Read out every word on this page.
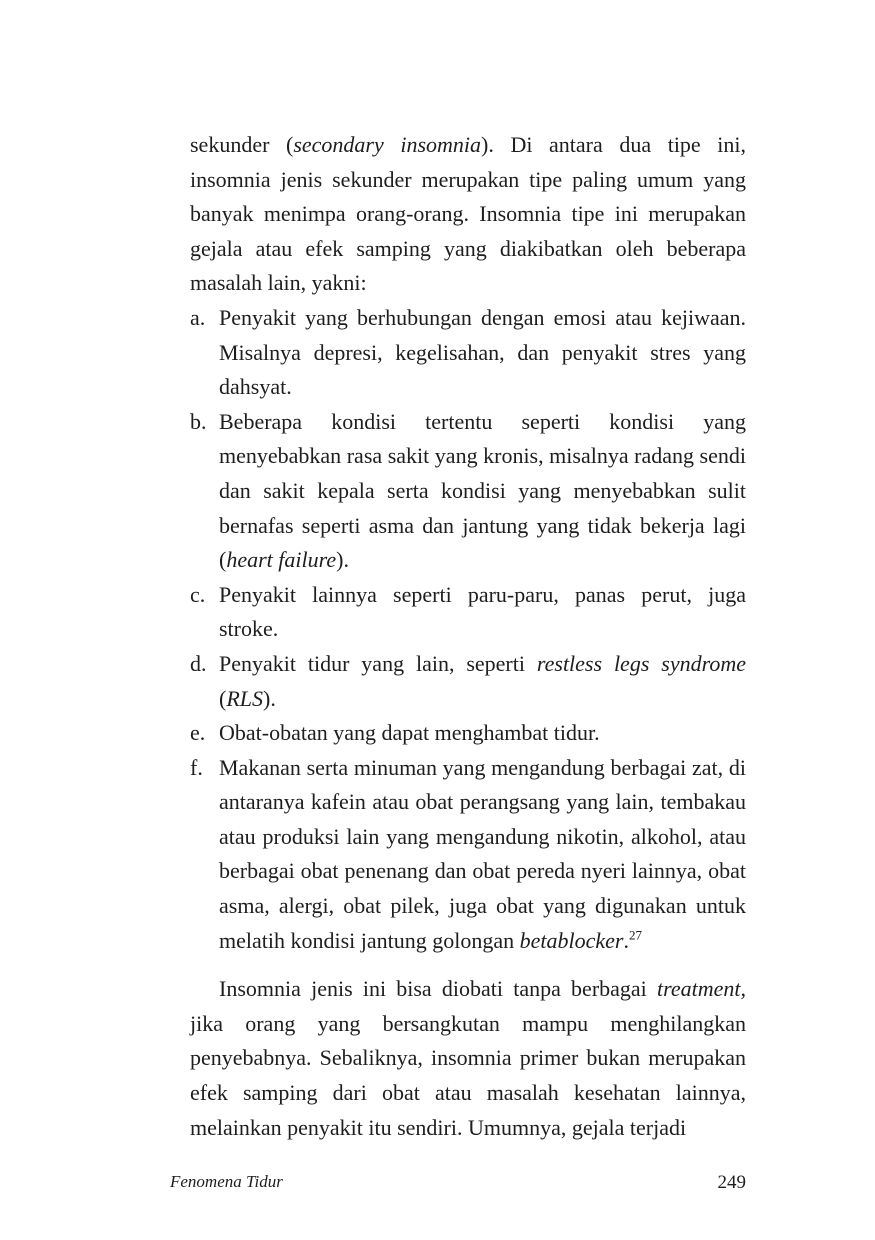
sekunder (secondary insomnia). Di antara dua tipe ini, insomnia jenis sekunder merupakan tipe paling umum yang banyak menimpa orang-orang. Insomnia tipe ini merupakan gejala atau efek samping yang diakibatkan oleh beberapa masalah lain, yakni:

a. Penyakit yang berhubungan dengan emosi atau kejiwaan. Misalnya depresi, kegelisahan, dan penyakit stres yang dahsyat.
b. Beberapa kondisi tertentu seperti kondisi yang menyebabkan rasa sakit yang kronis, misalnya radang sendi dan sakit kepala serta kondisi yang menyebabkan sulit bernafas seperti asma dan jantung yang tidak bekerja lagi (heart failure).
c. Penyakit lainnya seperti paru-paru, panas perut, juga stroke.
d. Penyakit tidur yang lain, seperti restless legs syndrome (RLS).
e. Obat-obatan yang dapat menghambat tidur.
f. Makanan serta minuman yang mengandung berbagai zat, di antaranya kafein atau obat perangsang yang lain, tembakau atau produksi lain yang mengandung nikotin, alkohol, atau berbagai obat penenang dan obat pereda nyeri lainnya, obat asma, alergi, obat pilek, juga obat yang digunakan untuk melatih kondisi jantung golongan betablocker.$^{27}$

Insomnia jenis ini bisa diobati tanpa berbagai treatment, jika orang yang bersangkutan mampu menghilangkan penyebabnya. Sebaliknya, insomnia primer bukan merupakan efek samping dari obat atau masalah kesehatan lainnya, melainkan penyakit itu sendiri. Umumnya, gejala terjadi

Fenomena Tidur	249
